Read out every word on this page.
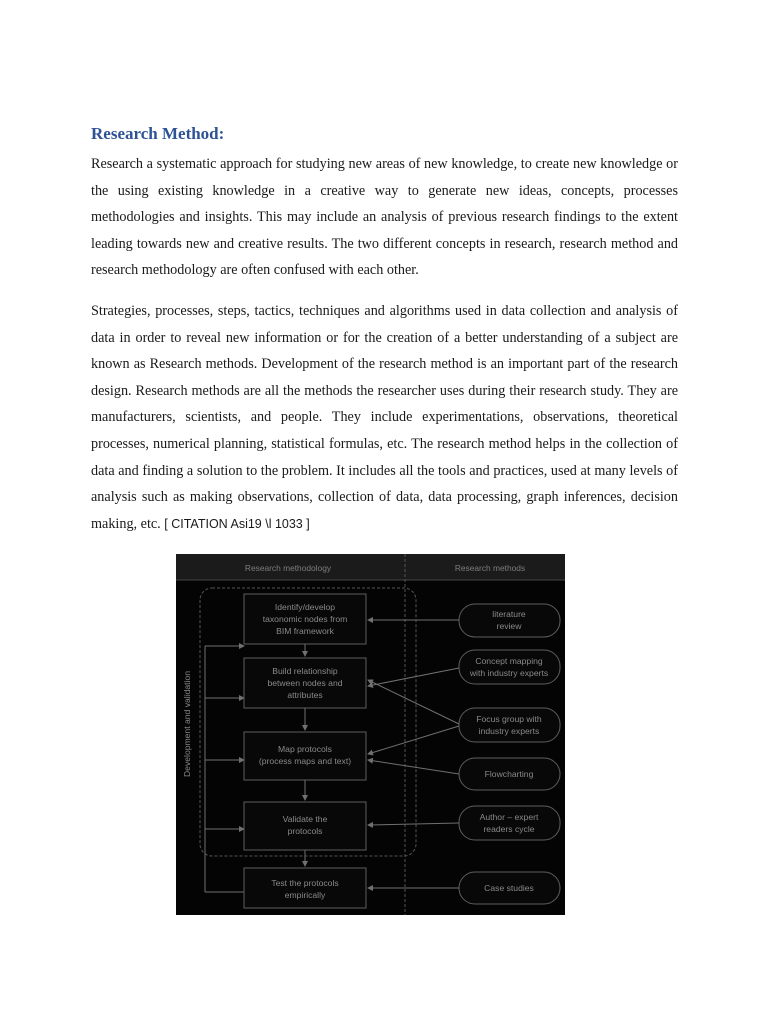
Research Method:

Research a systematic approach for studying new areas of new knowledge, to create new knowledge or the using existing knowledge in a creative way to generate new ideas, concepts, processes methodologies and insights. This may include an analysis of previous research findings to the extent leading towards new and creative results. The two different concepts in research, research method and research methodology are often confused with each other.

Strategies, processes, steps, tactics, techniques and algorithms used in data collection and analysis of data in order to reveal new information or for the creation of a better understanding of a subject are known as Research methods. Development of the research method is an important part of the research design. Research methods are all the methods the researcher uses during their research study. They are manufacturers, scientists, and people. They include experimentations, observations, theoretical processes, numerical planning, statistical formulas, etc. The research method helps in the collection of data and finding a solution to the problem. It includes all the tools and practices, used at many levels of analysis such as making observations, collection of data, data processing, graph inferences, decision making, etc. [ CITATION Asi19 \l 1033 ]

Research methodology	Research methods
Development and validation
Identify/develop
taxonomic nodes from
BIM framework
Build relationship
between nodes and
attributes
Map protocols
(process maps and text)
Validate the
protocols
Test the protocols
empirically
literature
review
Concept mapping
with industry experts
Focus group with
industry experts
Flowcharting
Author – expert
readers cycle
Case studies
